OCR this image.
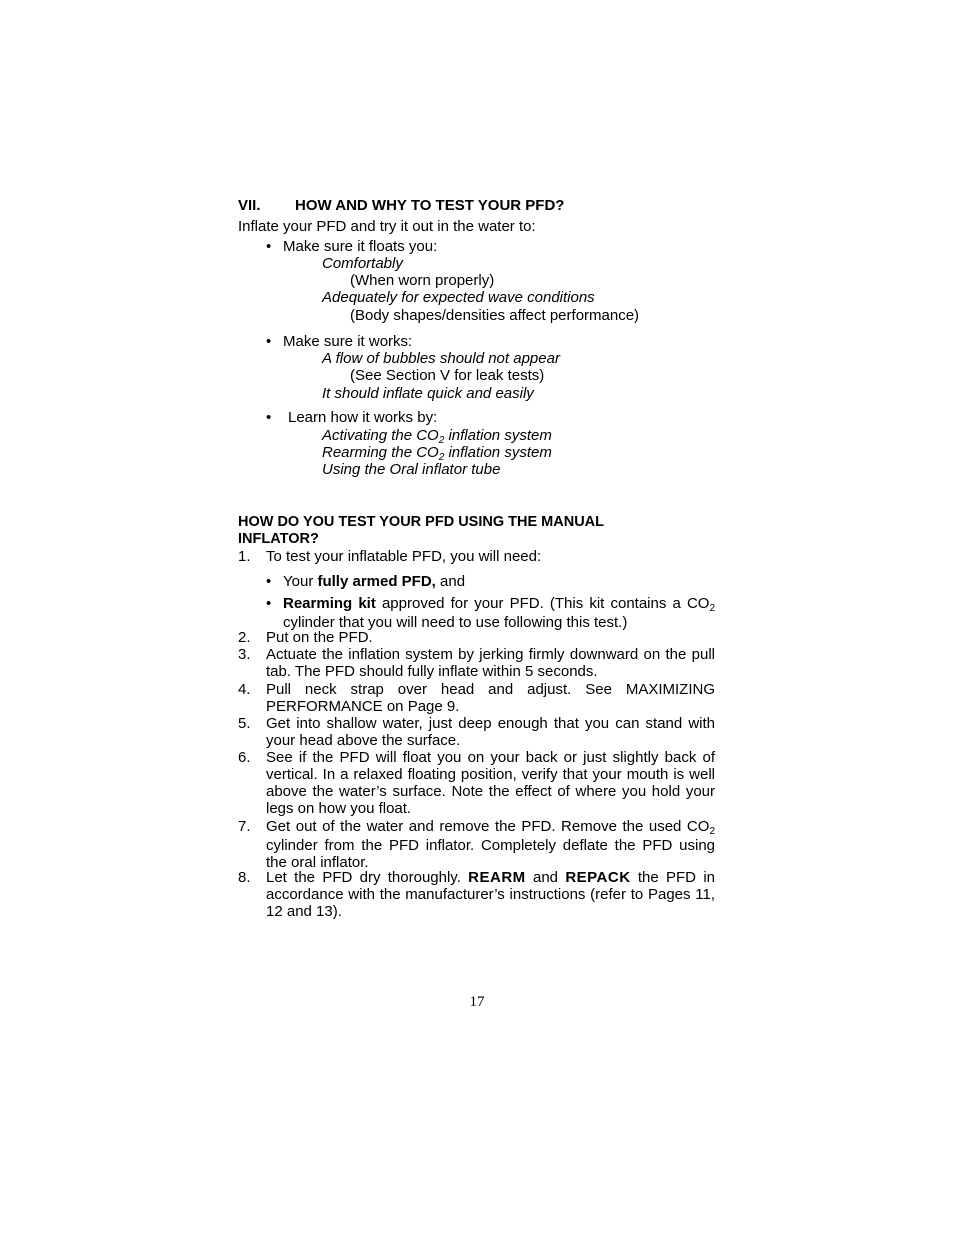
VII. HOW AND WHY TO TEST YOUR PFD?
Inflate your PFD and try it out in the water to:
• Make sure it floats you:
Comfortably
(When worn properly)
Adequately for expected wave conditions
(Body shapes/densities affect performance)
• Make sure it works:
A flow of bubbles should not appear
(See Section V for leak tests)
It should inflate quick and easily
• Learn how it works by:
Activating the $CO_2$ inflation system
Rearming the $CO_2$ inflation system
Using the Oral inflator tube
HOW DO YOU TEST YOUR PFD USING THE MANUAL
INFLATOR?
1. To test your inflatable PFD, you will need:
• Your fully armed PFD, and
• Rearming kit approved for your PFD. (This kit contains a $CO_2$ cylinder that you will need to use following this test.)
2. Put on the PFD.
3. Actuate the inflation system by jerking firmly downward on the pull tab. The PFD should fully inflate within 5 seconds.
4. Pull neck strap over head and adjust. See MAXIMIZING PERFORMANCE on Page 9.
5. Get into shallow water, just deep enough that you can stand with your head above the surface.
6. See if the PFD will float you on your back or just slightly back of vertical. In a relaxed floating position, verify that your mouth is well above the water’s surface. Note the effect of where you hold your legs on how you float.
7. Get out of the water and remove the PFD. Remove the used $CO_2$ cylinder from the PFD inflator. Completely deflate the PFD using the oral inflator.
8. Let the PFD dry thoroughly. REARM and REPACK the PFD in accordance with the manufacturer’s instructions (refer to Pages 11, 12 and 13).
17
